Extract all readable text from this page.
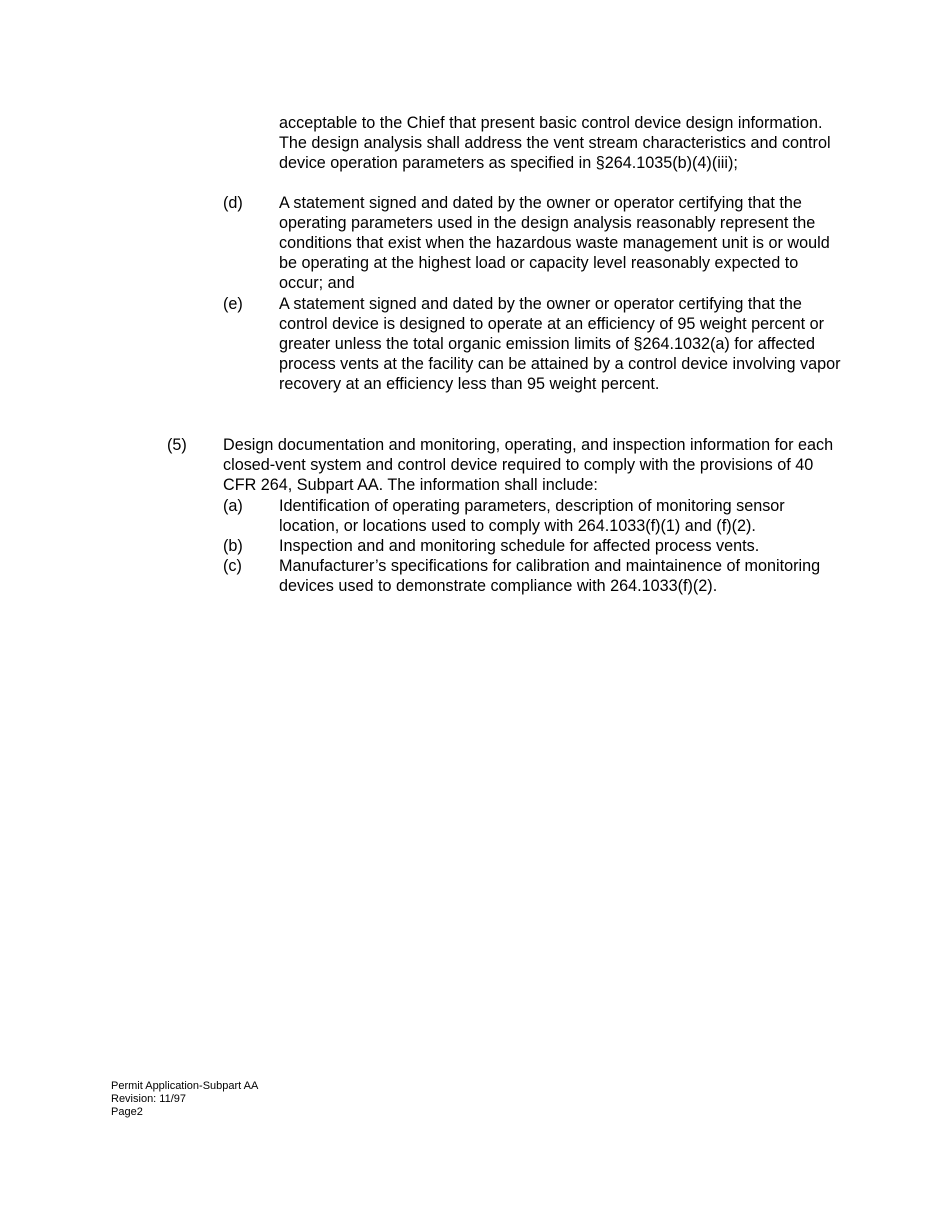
acceptable to the Chief that present basic control device design information. The design analysis shall address the vent stream characteristics and control device operation parameters as specified in §264.1035(b)(4)(iii);
(d) A statement signed and dated by the owner or operator certifying that the operating parameters used in the design analysis reasonably represent the conditions that exist when the hazardous waste management unit is or would be operating at the highest load or capacity level reasonably expected to occur; and
(e) A statement signed and dated by the owner or operator certifying that the control device is designed to operate at an efficiency of 95 weight percent or greater unless the total organic emission limits of §264.1032(a) for affected process vents at the facility can be attained by a control device involving vapor recovery at an efficiency less than 95 weight percent.
(5) Design documentation and monitoring, operating, and inspection information for each closed-vent system and control device required to comply with the provisions of 40 CFR 264, Subpart AA. The information shall include:
(a) Identification of operating parameters, description of monitoring sensor location, or locations used to comply with 264.1033(f)(1) and (f)(2).
(b) Inspection and and monitoring schedule for affected process vents.
(c) Manufacturer’s specifications for calibration and maintainence of monitoring devices used to demonstrate compliance with 264.1033(f)(2).
Permit Application-Subpart AA
Revision: 11/97
Page2
